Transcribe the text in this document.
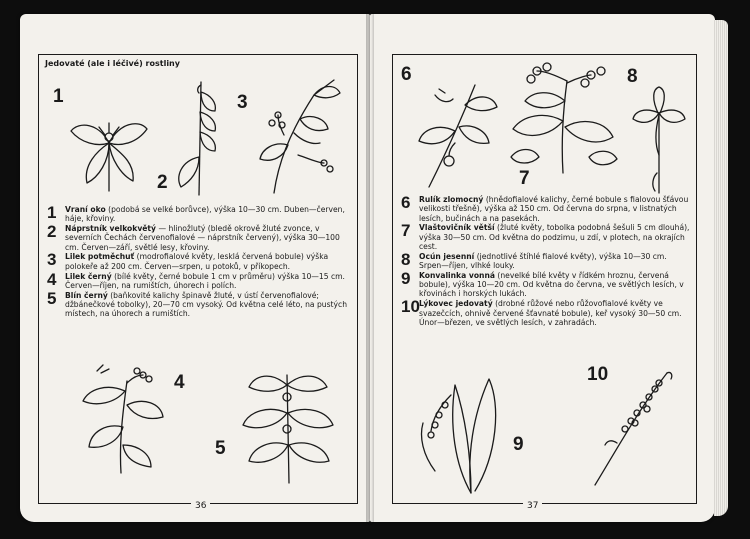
Jedovaté (ale i léčivé) rostliny
1
2
3
1 Vraní oko (podobá se velké borůvce), výška 10—30 cm. Duben—červen, háje, křoviny.
2 Náprstník velkokvětý — hlinožlutý (bledě okrově žluté zvonce, v severních Čechách červenofialové — náprstník červený), výška 30—100 cm. Červen—září, světlé lesy, křoviny.
3 Lilek potměchuť (modrofialové květy, lesklá červená bobule) výška polokeře až 200 cm. Červen—srpen, u potoků, v příkopech.
4 Lilek černý (bílé květy, černé bobule 1 cm v průměru) výška 10—15 cm. Červen—říjen, na rumištích, úhorech i polích.
5 Blín černý (baňkovité kalichy špinavě žluté, v ústí červenofialové; džbánečkové tobolky), 20—70 cm vysoký. Od května celé léto, na pustých místech, na úhorech a rumištích.
4
5
36
6
7
8
6 Rulík zlomocný (hnědofialové kalichy, černé bobule s fialovou šťávou velikosti třešně), výška až 150 cm. Od června do srpna, v listnatých lesích, bučinách a na pasekách.
7 Vlaštovičník větší (žluté květy, tobolka podobná šešuli 5 cm dlouhá), výška 30—50 cm. Od května do podzimu, u zdí, v plotech, na okrajích cest.
8 Ocún jesenní (jednotlivé štíhlé fialové květy), výška 10—30 cm. Srpen—říjen, vlhké louky.
9 Konvalinka vonná (nevelké bílé květy v řídkém hroznu, červená bobule), výška 10—20 cm. Od května do června, ve světlých lesích, v křovinách i horských lukách.
10 Lýkovec jedovatý (drobné růžové nebo růžovofialové květy ve svazečcích, ohnivě červené šťavnaté bobule), keř vysoký 30—50 cm. Únor—březen, ve světlých lesích, v zahradách.
9
10
37
